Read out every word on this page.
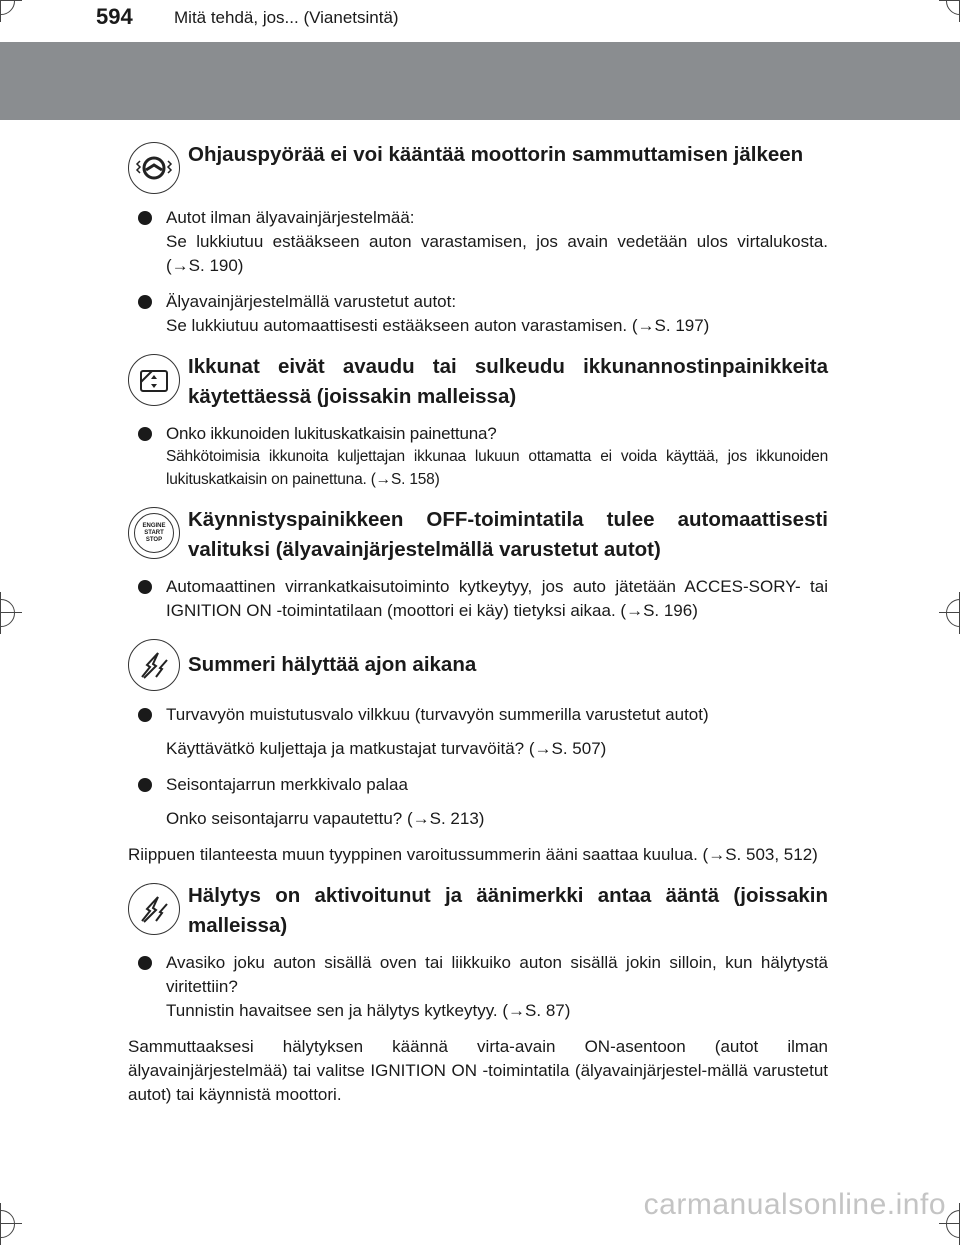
594 Mitä tehdä, jos... (Vianetsintä)
Ohjauspyörää ei voi kääntää moottorin sammuttamisen jälkeen
Autot ilman älyavainjärjestelmää:
Se lukkiutuu estääkseen auton varastamisen, jos avain vedetään ulos virtalukosta. (→S. 190)
Älyavainjärjestelmällä varustetut autot:
Se lukkiutuu automaattisesti estääkseen auton varastamisen. (→S. 197)
Ikkunat eivät avaudu tai sulkeudu ikkunannostinpainikkeita käytettäessä (joissakin malleissa)
Onko ikkunoiden lukituskatkaisin painettuna?
Sähkötoimisia ikkunoita kuljettajan ikkunaa lukuun ottamatta ei voida käyttää, jos ikkunoiden lukituskatkaisin on painettuna. (→S. 158)
ENGINE
START
STOP
Käynnistyspainikkeen OFF-toimintatila tulee automaattisesti valituksi (älyavainjärjestelmällä varustetut autot)
Automaattinen virrankatkaisutoiminto kytkeytyy, jos auto jätetään ACCES-SORY- tai IGNITION ON -toimintatilaan (moottori ei käy) tietyksi aikaa. (→S. 196)
Summeri hälyttää ajon aikana
Turvavyön muistutusvalo vilkkuu (turvavyön summerilla varustetut autot)
Käyttävätkö kuljettaja ja matkustajat turvavöitä? (→S. 507)
Seisontajarrun merkkivalo palaa
Onko seisontajarru vapautettu? (→S. 213)
Riippuen tilanteesta muun tyyppinen varoitussummerin ääni saattaa kuulua. (→S. 503, 512)
Hälytys on aktivoitunut ja äänimerkki antaa ääntä (joissakin malleissa)
Avasiko joku auton sisällä oven tai liikkuiko auton sisällä jokin silloin, kun hälytystä viritettiin?
Tunnistin havaitsee sen ja hälytys kytkeytyy. (→S. 87)
Sammuttaaksesi hälytyksen käännä virta-avain ON-asentoon (autot ilman älyavainjärjestelmää) tai valitse IGNITION ON -toimintatila (älyavainjärjestel-mällä varustetut autot) tai käynnistä moottori.
carmanualsonline.info
